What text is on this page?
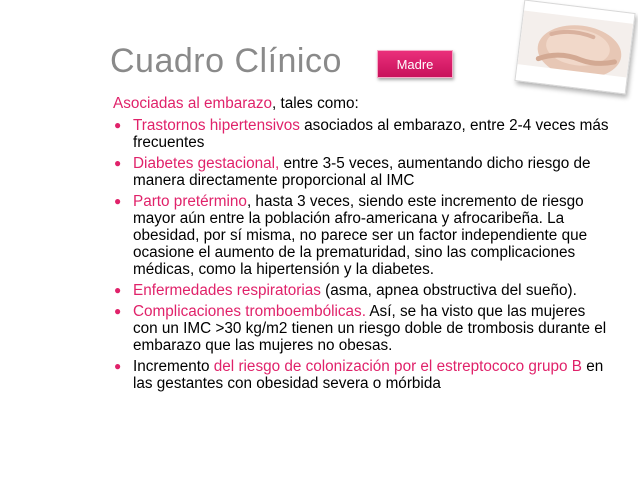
Cuadro Clínico	Madre

Asociadas al embarazo, tales como:

● Trastornos hipertensivos asociados al embarazo, entre 2-4 veces más frecuentes
● Diabetes gestacional, entre 3-5 veces, aumentando dicho riesgo de manera directamente proporcional al IMC
● Parto pretérmino, hasta 3 veces, siendo este incremento de riesgo mayor aún entre la población afro-americana y afrocaribeña. La obesidad, por sí misma, no parece ser un factor independiente que ocasione el aumento de la prematuridad, sino las complicaciones médicas, como la hipertensión y la diabetes.
● Enfermedades respiratorias (asma, apnea obstructiva del sueño).
● Complicaciones tromboembólicas. Así, se ha visto que las mujeres con un IMC >30 kg/m2 tienen un riesgo doble de trombosis durante el embarazo que las mujeres no obesas.
● Incremento del riesgo de colonización por el estreptococo grupo B en las gestantes con obesidad severa o mórbida
